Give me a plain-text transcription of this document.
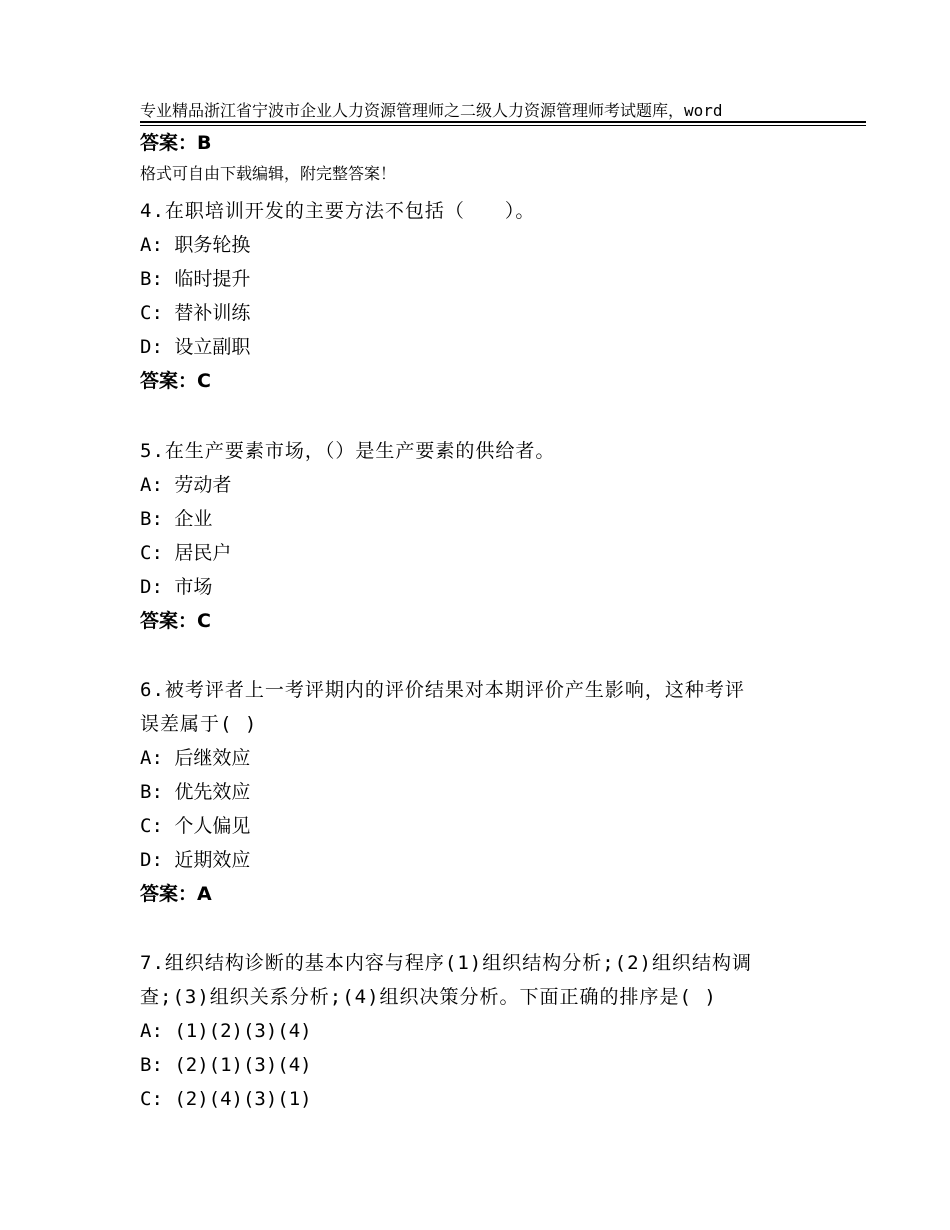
专业精品浙江省宁波市企业人力资源管理师之二级人力资源管理师考试题库，word

格式可自由下载编辑，附完整答案！

答案：B
4.在职培训开发的主要方法不包括（　　）。
A: 职务轮换
B: 临时提升
C: 替补训练
D: 设立副职
答案：C
5.在生产要素市场，（）是生产要素的供给者。
A: 劳动者
B: 企业
C: 居民户
D: 市场
答案：C
6.被考评者上一考评期内的评价结果对本期评价产生影响，这种考评
误差属于( )
A: 后继效应
B: 优先效应
C: 个人偏见
D: 近期效应
答案：A
7.组织结构诊断的基本内容与程序(1)组织结构分析;(2)组织结构调
查;(3)组织关系分析;(4)组织决策分析。下面正确的排序是( )
A: (1)(2)(3)(4)
B: (2)(1)(3)(4)
C: (2)(4)(3)(1)
